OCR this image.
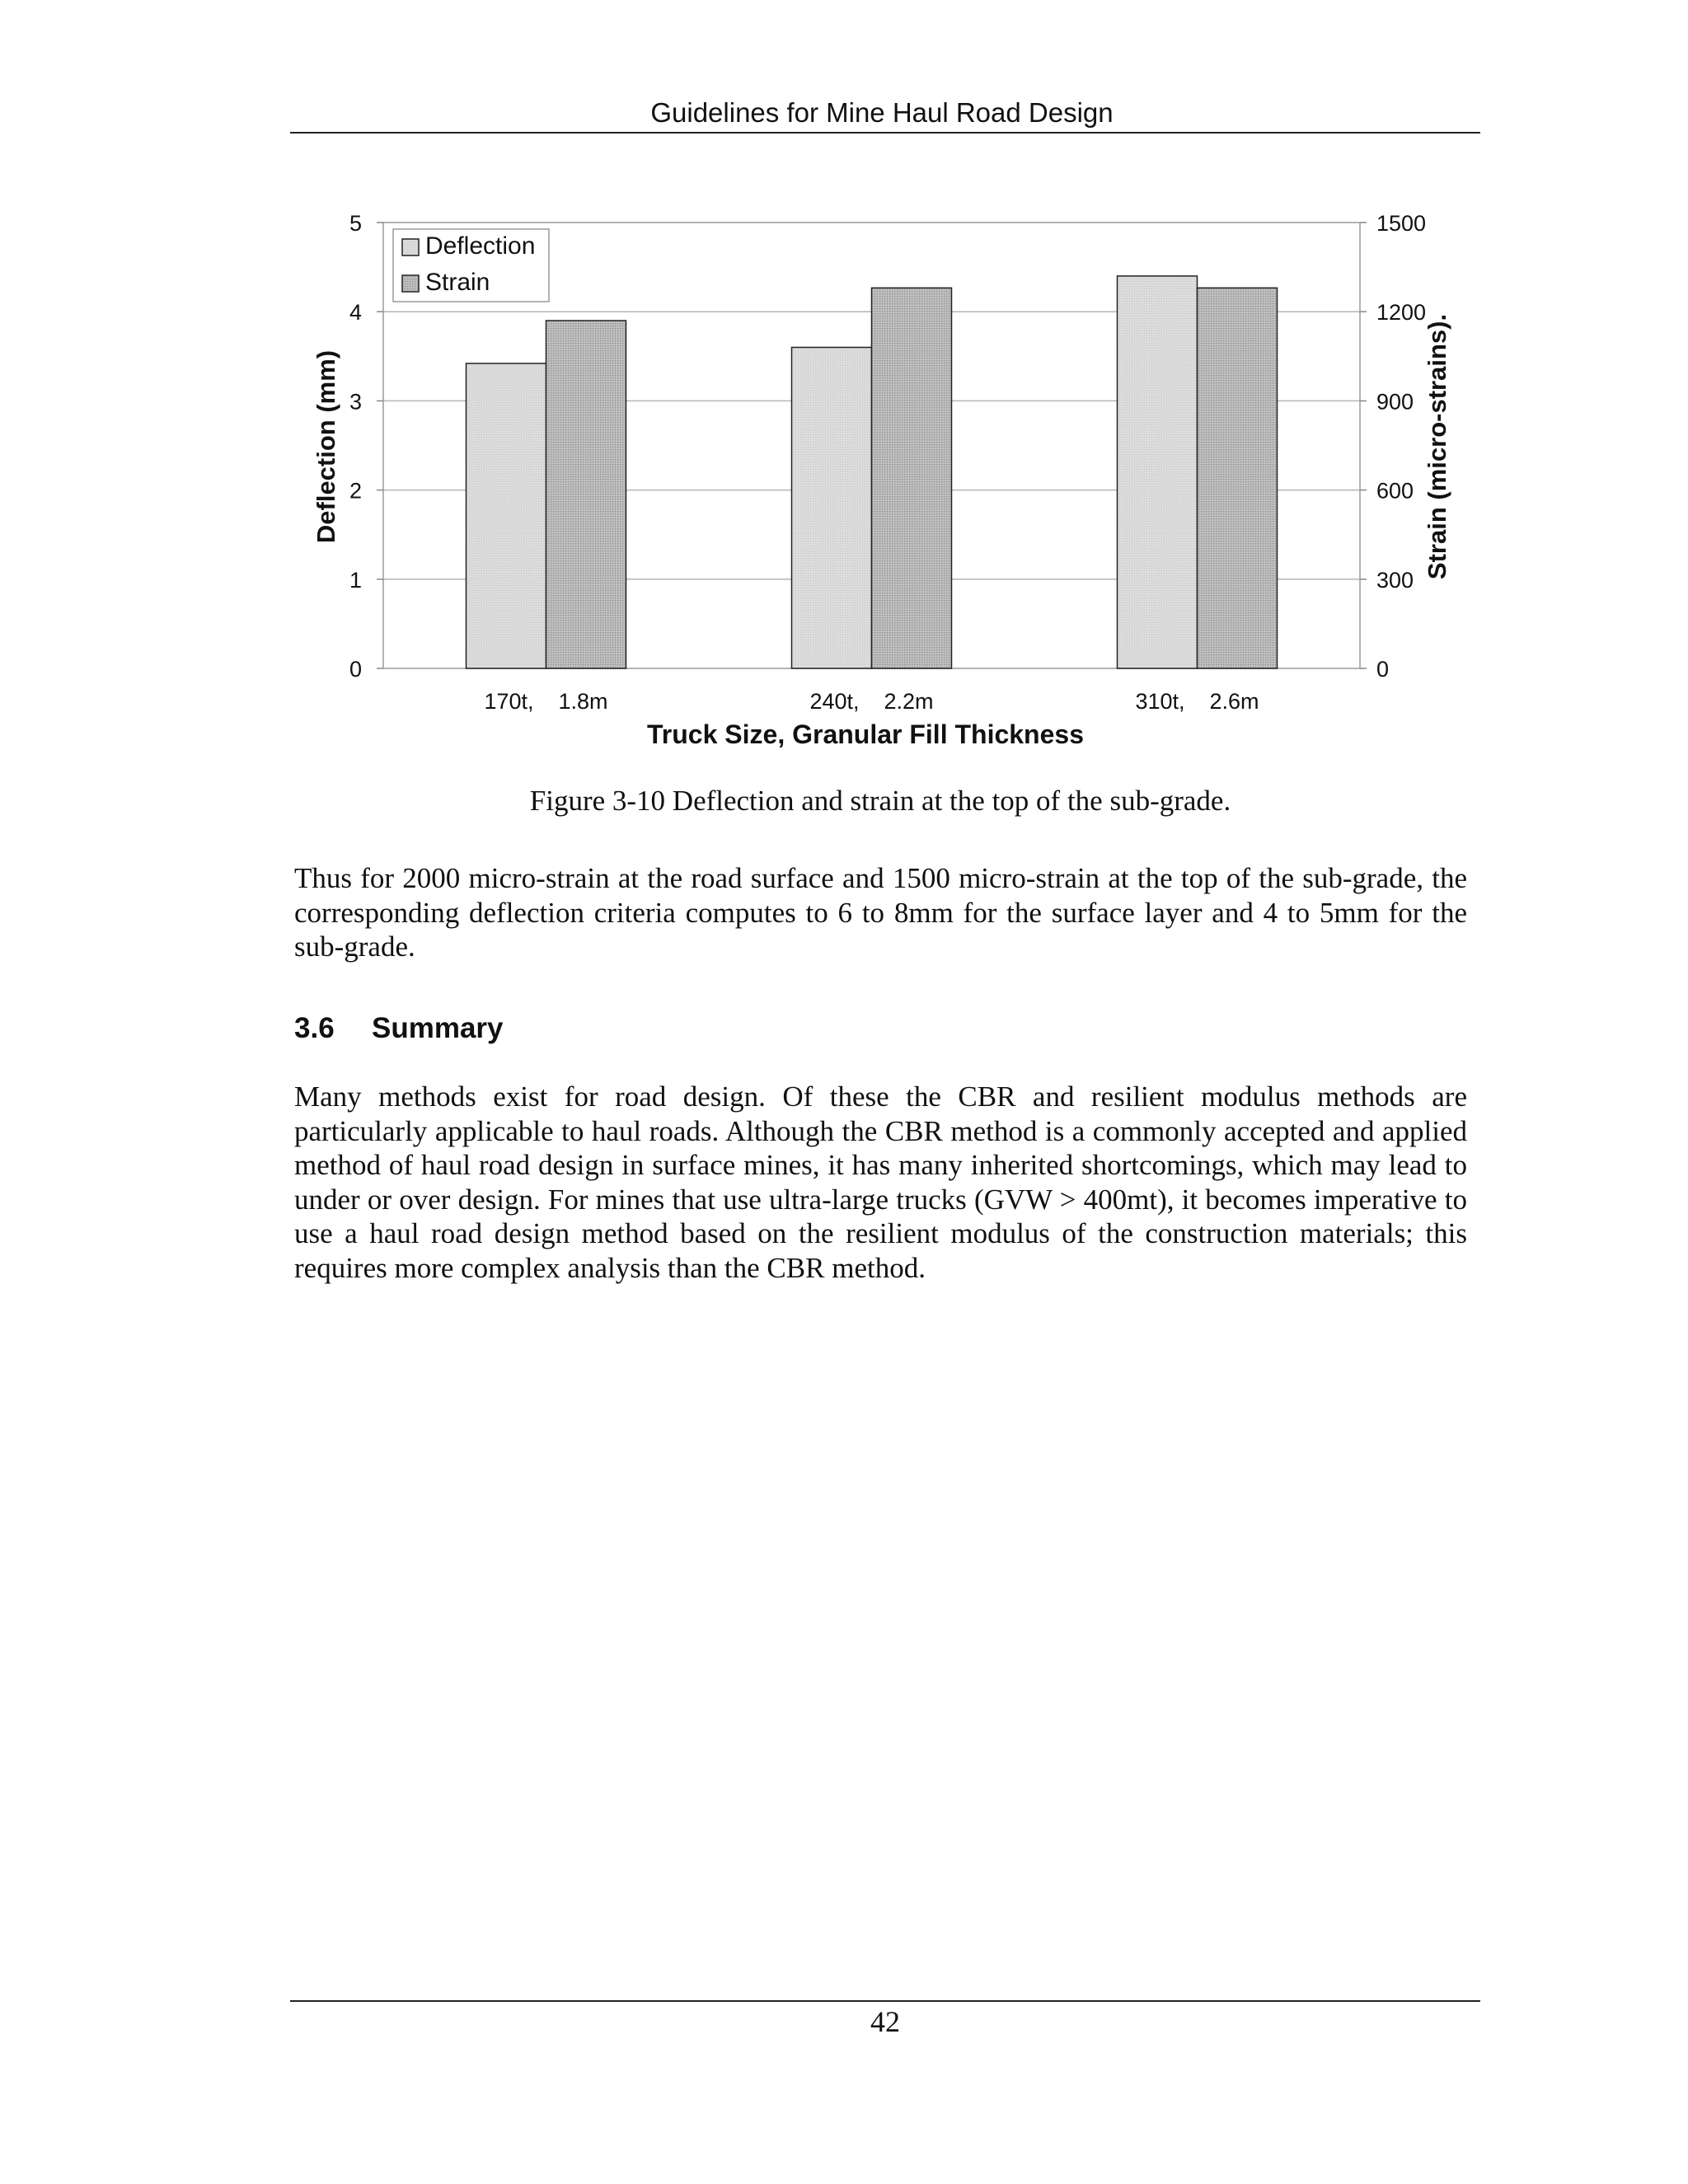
Guidelines for Mine Haul Road Design
0
1
2
3
4
5
0
300
600
900
1200
1500
170t,    1.8m	240t,    2.2m	310t,    2.6m
Deflection
Strain
Truck Size, Granular Fill Thickness
Deflection (mm)	Strain (micro-strains).
Figure 3-10 Deflection and strain at the top of the sub-grade.

Thus for 2000 micro-strain at the road surface and 1500 micro-strain at the top of the sub-grade, the corresponding deflection criteria computes to 6 to 8mm for the surface layer and 4 to 5mm for the sub-grade.

3.6 Summary

Many methods exist for road design. Of these the CBR and resilient modulus methods are particularly applicable to haul roads. Although the CBR method is a commonly accepted and applied method of haul road design in surface mines, it has many inherited shortcomings, which may lead to under or over design. For mines that use ultra-large trucks (GVW > 400mt), it becomes imperative to use a haul road design method based on the resilient modulus of the construction materials; this requires more complex analysis than the CBR method.

42
